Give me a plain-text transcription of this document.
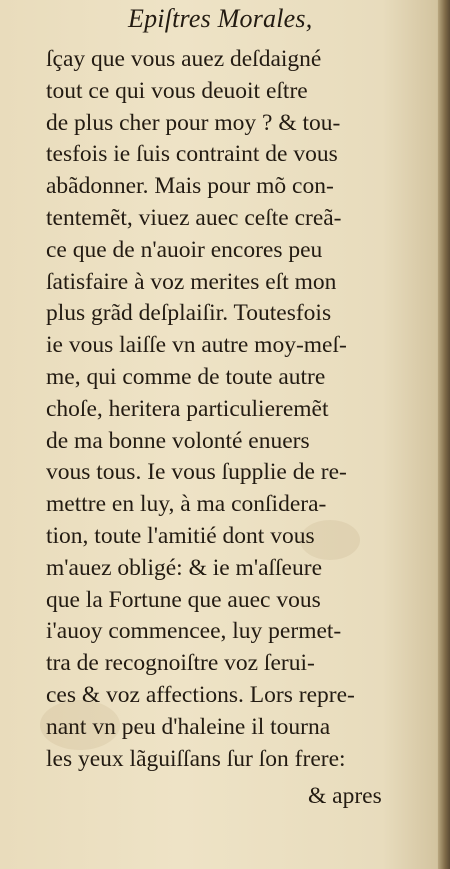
Epiſtres Morales,
ſçay que vous auez deſdaigné
tout ce qui vous deuoit eſtre
de plus cher pour moy ? & tou-
tesfois ie ſuis contraint de vous
abãdonner. Mais pour mõ con-
tentemẽt, viuez auec ceſte creã-
ce que de n'auoir encores peu
ſatisfaire à voz merites eſt mon
plus grãd deſplaiſir. Toutesfois
ie vous laiſſe vn autre moy-meſ-
me, qui comme de toute autre
choſe, heritera particulieremẽt
de ma bonne volonté enuers
vous tous. Ie vous ſupplie de re-
mettre en luy, à ma conſidera-
tion, toute l'amitié dont vous
m'auez obligé: & ie m'aſſeure
que la Fortune que auec vous
i'auoy commencee, luy permet-
tra de recognoiſtre voz ſerui-
ces & voz affections. Lors repre-
nant vn peu d'haleine il tourna
les yeux lãguiſſans ſur ſon frere:
& apres
